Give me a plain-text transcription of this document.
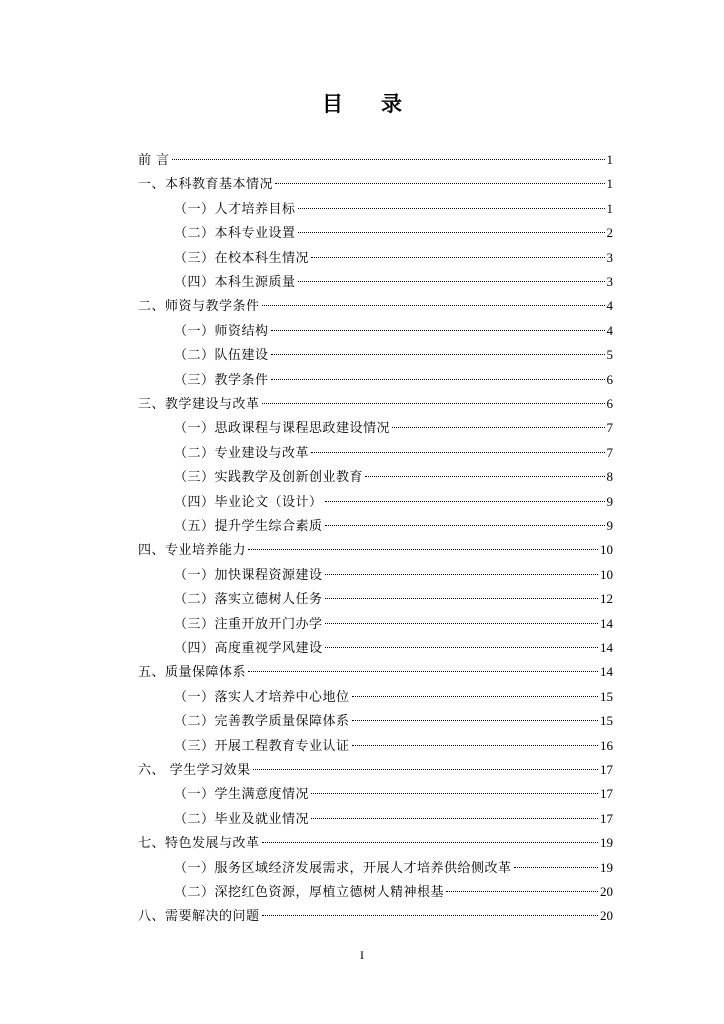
目 录
前 言	1
一、本科教育基本情况	1
（一）人才培养目标	1
（二）本科专业设置	2
（三）在校本科生情况	3
（四）本科生源质量	3
二、师资与教学条件	4
（一）师资结构	4
（二）队伍建设	5
（三）教学条件	6
三、教学建设与改革	6
（一）思政课程与课程思政建设情况	7
（二）专业建设与改革	7
（三）实践教学及创新创业教育	8
（四）毕业论文（设计）	9
（五）提升学生综合素质	9
四、专业培养能力	10
（一）加快课程资源建设	10
（二）落实立德树人任务	12
（三）注重开放开门办学	14
（四）高度重视学风建设	14
五、质量保障体系	14
（一）落实人才培养中心地位	15
（二）完善教学质量保障体系	15
（三）开展工程教育专业认证	16
六、 学生学习效果	17
（一）学生满意度情况	17
（二）毕业及就业情况	17
七、特色发展与改革	19
（一）服务区域经济发展需求，开展人才培养供给侧改革	19
（二）深挖红色资源，厚植立德树人精神根基	20
八、需要解决的问题	20
I
